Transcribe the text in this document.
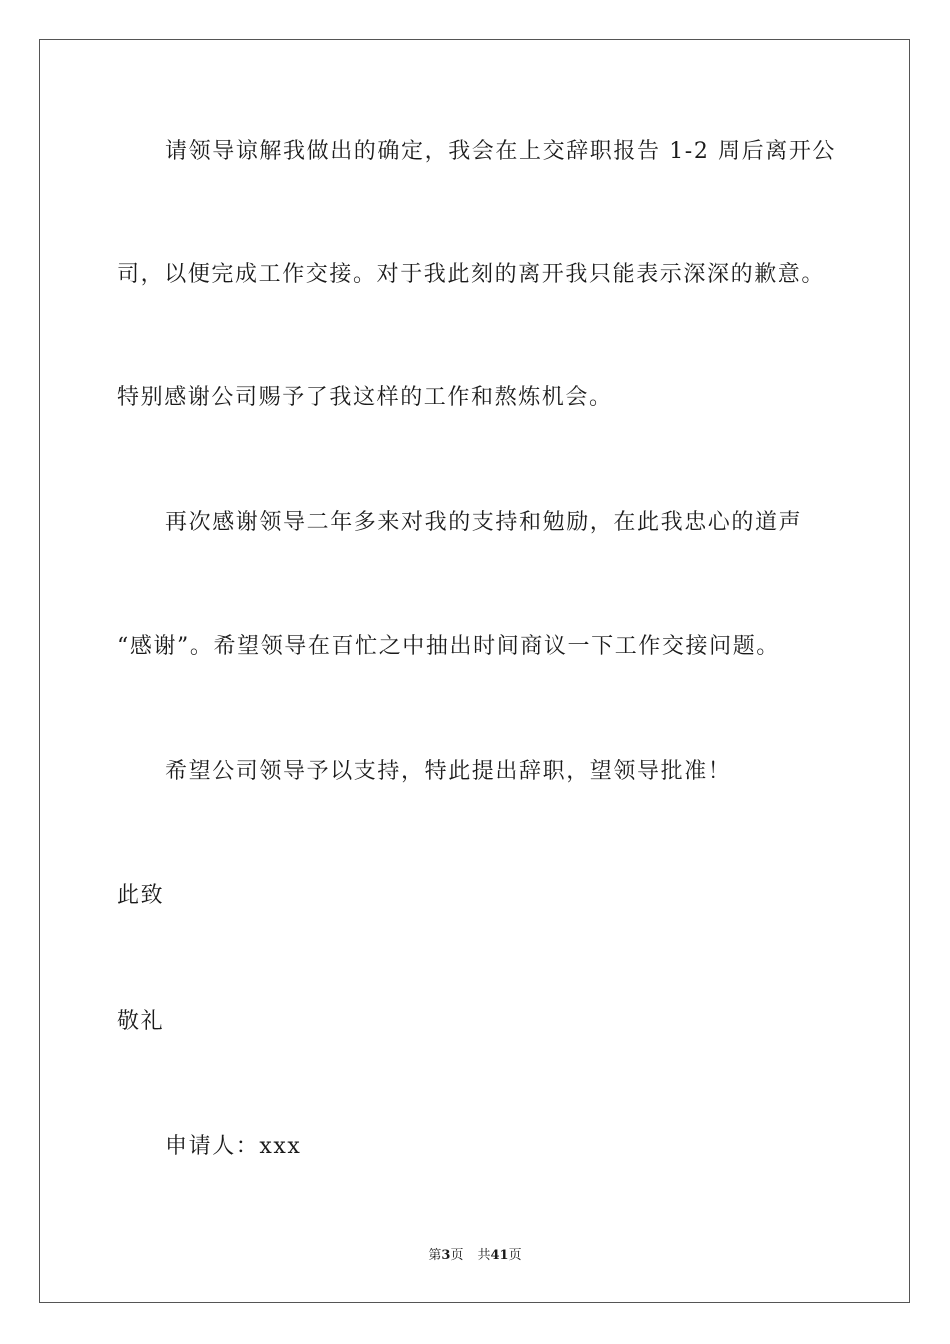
请领导谅解我做出的确定，我会在上交辞职报告 1-2 周后离开公
司，以便完成工作交接。对于我此刻的离开我只能表示深深的歉意。
特别感谢公司赐予了我这样的工作和熬炼机会。
再次感谢领导二年多来对我的支持和勉励，在此我忠心的道声
“感谢”。希望领导在百忙之中抽出时间商议一下工作交接问题。
希望公司领导予以支持，特此提出辞职，望领导批准！
此致
敬礼
申请人：xxx
第3页 共41页
